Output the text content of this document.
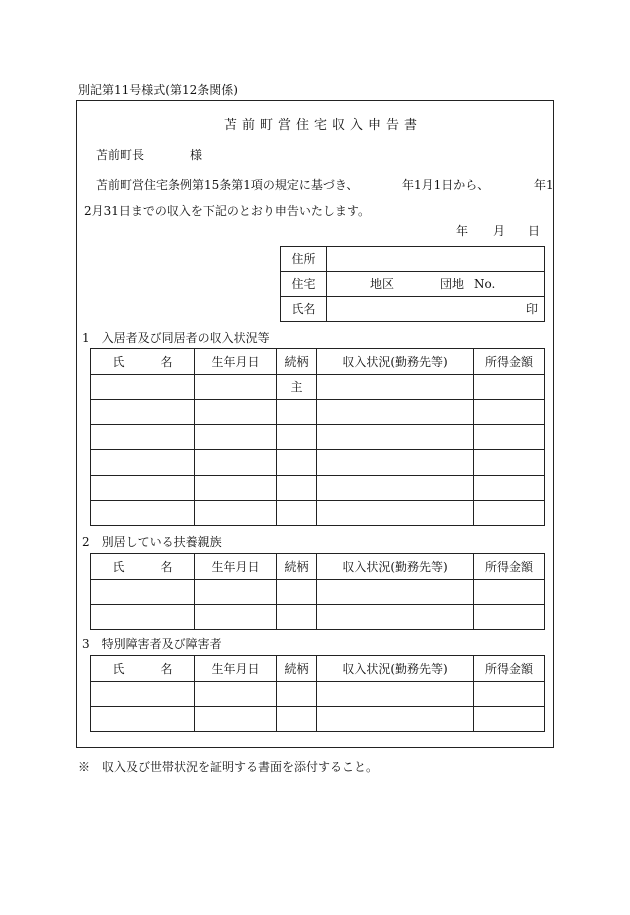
別記第11号様式(第12条関係)
苫前町営住宅収入申告書
苫前町長	様
苫前町営住宅条例第15条第1項の規定に基づき、	年1月1日から、	年1
2月31日までの収入を下記のとおり申告いたします。
年 月 日
住所	
住宅	地区 団地 No.

氏名	印
1　入居者及び同居者の収入状況等
氏 名	生年月日	続柄	収入状況(勤務先等)	所得金額
		主		

2　別居している扶養親族
氏 名	生年月日	続柄	収入状況(勤務先等)	所得金額

3　特別障害者及び障害者
氏 名	生年月日	続柄	収入状況(勤務先等)	所得金額

※　収入及び世帯状況を証明する書面を添付すること。
